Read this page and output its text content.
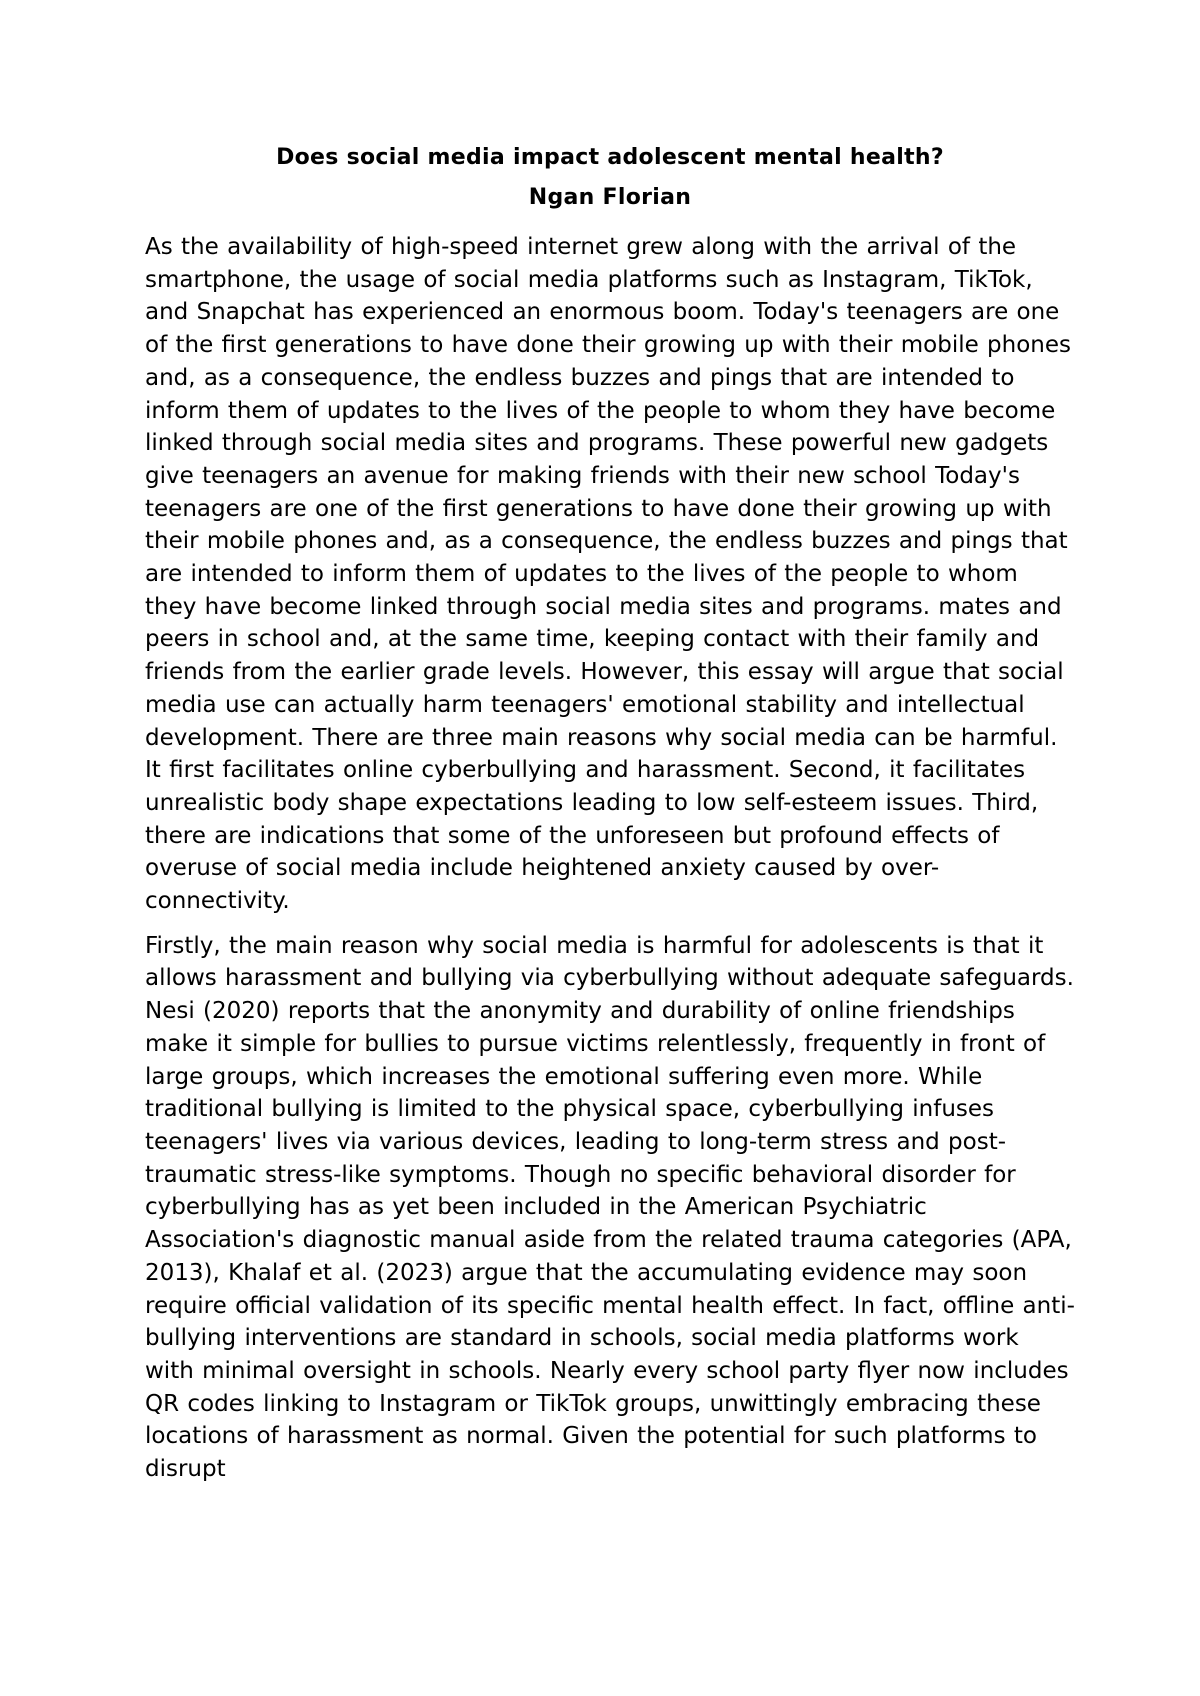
Does social media impact adolescent mental health?
Ngan Florian

As the availability of high-speed internet grew along with the arrival of the smartphone, the usage of social media platforms such as Instagram, TikTok, and Snapchat has experienced an enormous boom. Today's teenagers are one of the first generations to have done their growing up with their mobile phones and, as a consequence, the endless buzzes and pings that are intended to inform them of updates to the lives of the people to whom they have become linked through social media sites and programs. These powerful new gadgets give teenagers an avenue for making friends with their new school Today's teenagers are one of the first generations to have done their growing up with their mobile phones and, as a consequence, the endless buzzes and pings that are intended to inform them of updates to the lives of the people to whom they have become linked through social media sites and programs. mates and peers in school and, at the same time, keeping contact with their family and friends from the earlier grade levels. However, this essay will argue that social media use can actually harm teenagers' emotional stability and intellectual development. There are three main reasons why social media can be harmful. It first facilitates online cyberbullying and harassment. Second, it facilitates unrealistic body shape expectations leading to low self-esteem issues. Third, there are indications that some of the unforeseen but profound effects of overuse of social media include heightened anxiety caused by over-connectivity.

Firstly, the main reason why social media is harmful for adolescents is that it allows harassment and bullying via cyberbullying without adequate safeguards. Nesi (2020) reports that the anonymity and durability of online friendships make it simple for bullies to pursue victims relentlessly, frequently in front of large groups, which increases the emotional suffering even more. While traditional bullying is limited to the physical space, cyberbullying infuses teenagers' lives via various devices, leading to long-term stress and post-traumatic stress-like symptoms. Though no specific behavioral disorder for cyberbullying has as yet been included in the American Psychiatric Association's diagnostic manual aside from the related trauma categories (APA, 2013), Khalaf et al. (2023) argue that the accumulating evidence may soon require official validation of its specific mental health effect. In fact, offline anti-bullying interventions are standard in schools, social media platforms work with minimal oversight in schools. Nearly every school party flyer now includes QR codes linking to Instagram or TikTok groups, unwittingly embracing these locations of harassment as normal. Given the potential for such platforms to disrupt
